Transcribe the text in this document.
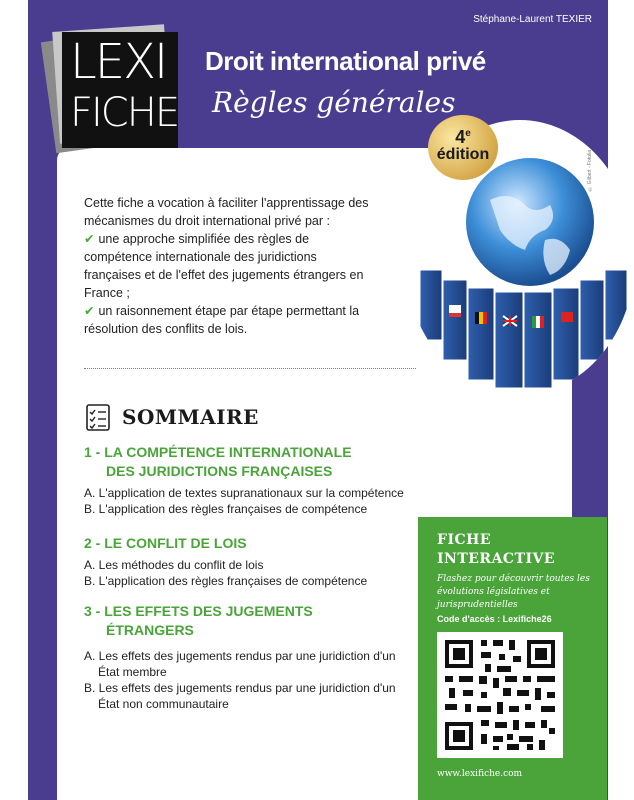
Stéphane-Laurent TEXIER
LEXI
FICHE
Droit international privé
Règles générales
4e
édition	© Gilbert - Fotolia

Cette fiche a vocation à faciliter l'apprentissage des mécanismes du droit international privé par :

✔ une approche simplifiée des règles de compétence internationale des juridictions françaises et de l'effet des jugements étrangers en France ;

✔ un raisonnement étape par étape permettant la résolution des conflits de lois.

SOMMAIRE
1 - LA COMPÉTENCE INTERNATIONALE
DES JURIDICTIONS FRANÇAISES
A. L'application de textes supranationaux sur la compétence
B. L'application des règles françaises de compétence
2 - LE CONFLIT DE LOIS
A. Les méthodes du conflit de lois
B. L'application des règles françaises de compétence
3 - LES EFFETS DES JUGEMENTS
ÉTRANGERS
A. Les effets des jugements rendus par une juridiction d'un État membre
B. Les effets des jugements rendus par une juridiction d'un État non communautaire
FICHE
INTERACTIVE
Flashez pour découvrir toutes les évolutions législatives et jurisprudentielles
Code d'accès : Lexifiche26
www.lexifiche.com
